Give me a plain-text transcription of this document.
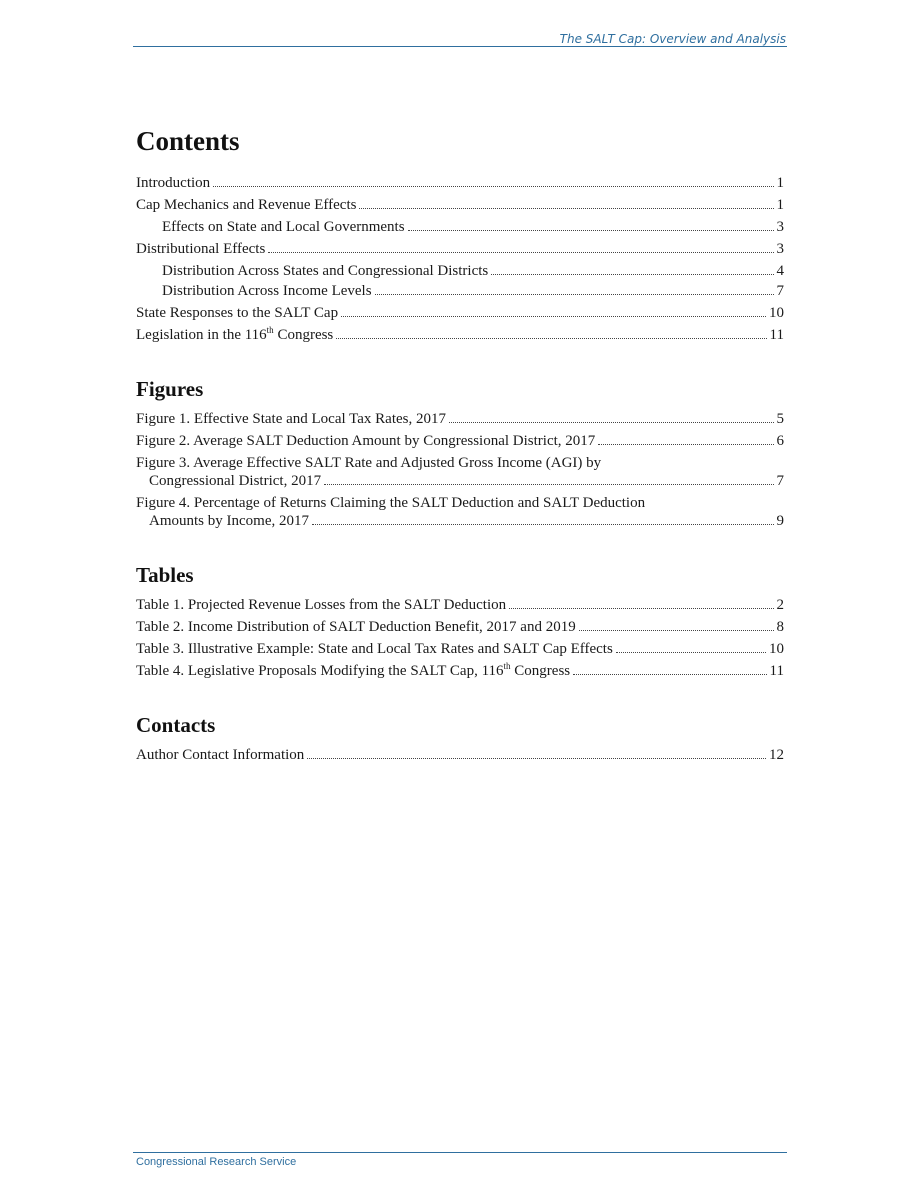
The SALT Cap: Overview and Analysis
Contents
Introduction	1
Cap Mechanics and Revenue Effects	1
Effects on State and Local Governments	3
Distributional Effects	3
Distribution Across States and Congressional Districts	4
Distribution Across Income Levels	7
State Responses to the SALT Cap	10
Legislation in the 116th Congress	11
Figures
Figure 1. Effective State and Local Tax Rates, 2017	5
Figure 2. Average SALT Deduction Amount by Congressional District, 2017	6
Figure 3. Average Effective SALT Rate and Adjusted Gross Income (AGI) by
Congressional District, 2017	7
Figure 4. Percentage of Returns Claiming the SALT Deduction and SALT Deduction
Amounts by Income, 2017	9
Tables
Table 1. Projected Revenue Losses from the SALT Deduction	2
Table 2. Income Distribution of SALT Deduction Benefit, 2017 and 2019	8
Table 3. Illustrative Example: State and Local Tax Rates and SALT Cap Effects	10
Table 4. Legislative Proposals Modifying the SALT Cap, 116th Congress	11
Contacts
Author Contact Information	12
Congressional Research Service
